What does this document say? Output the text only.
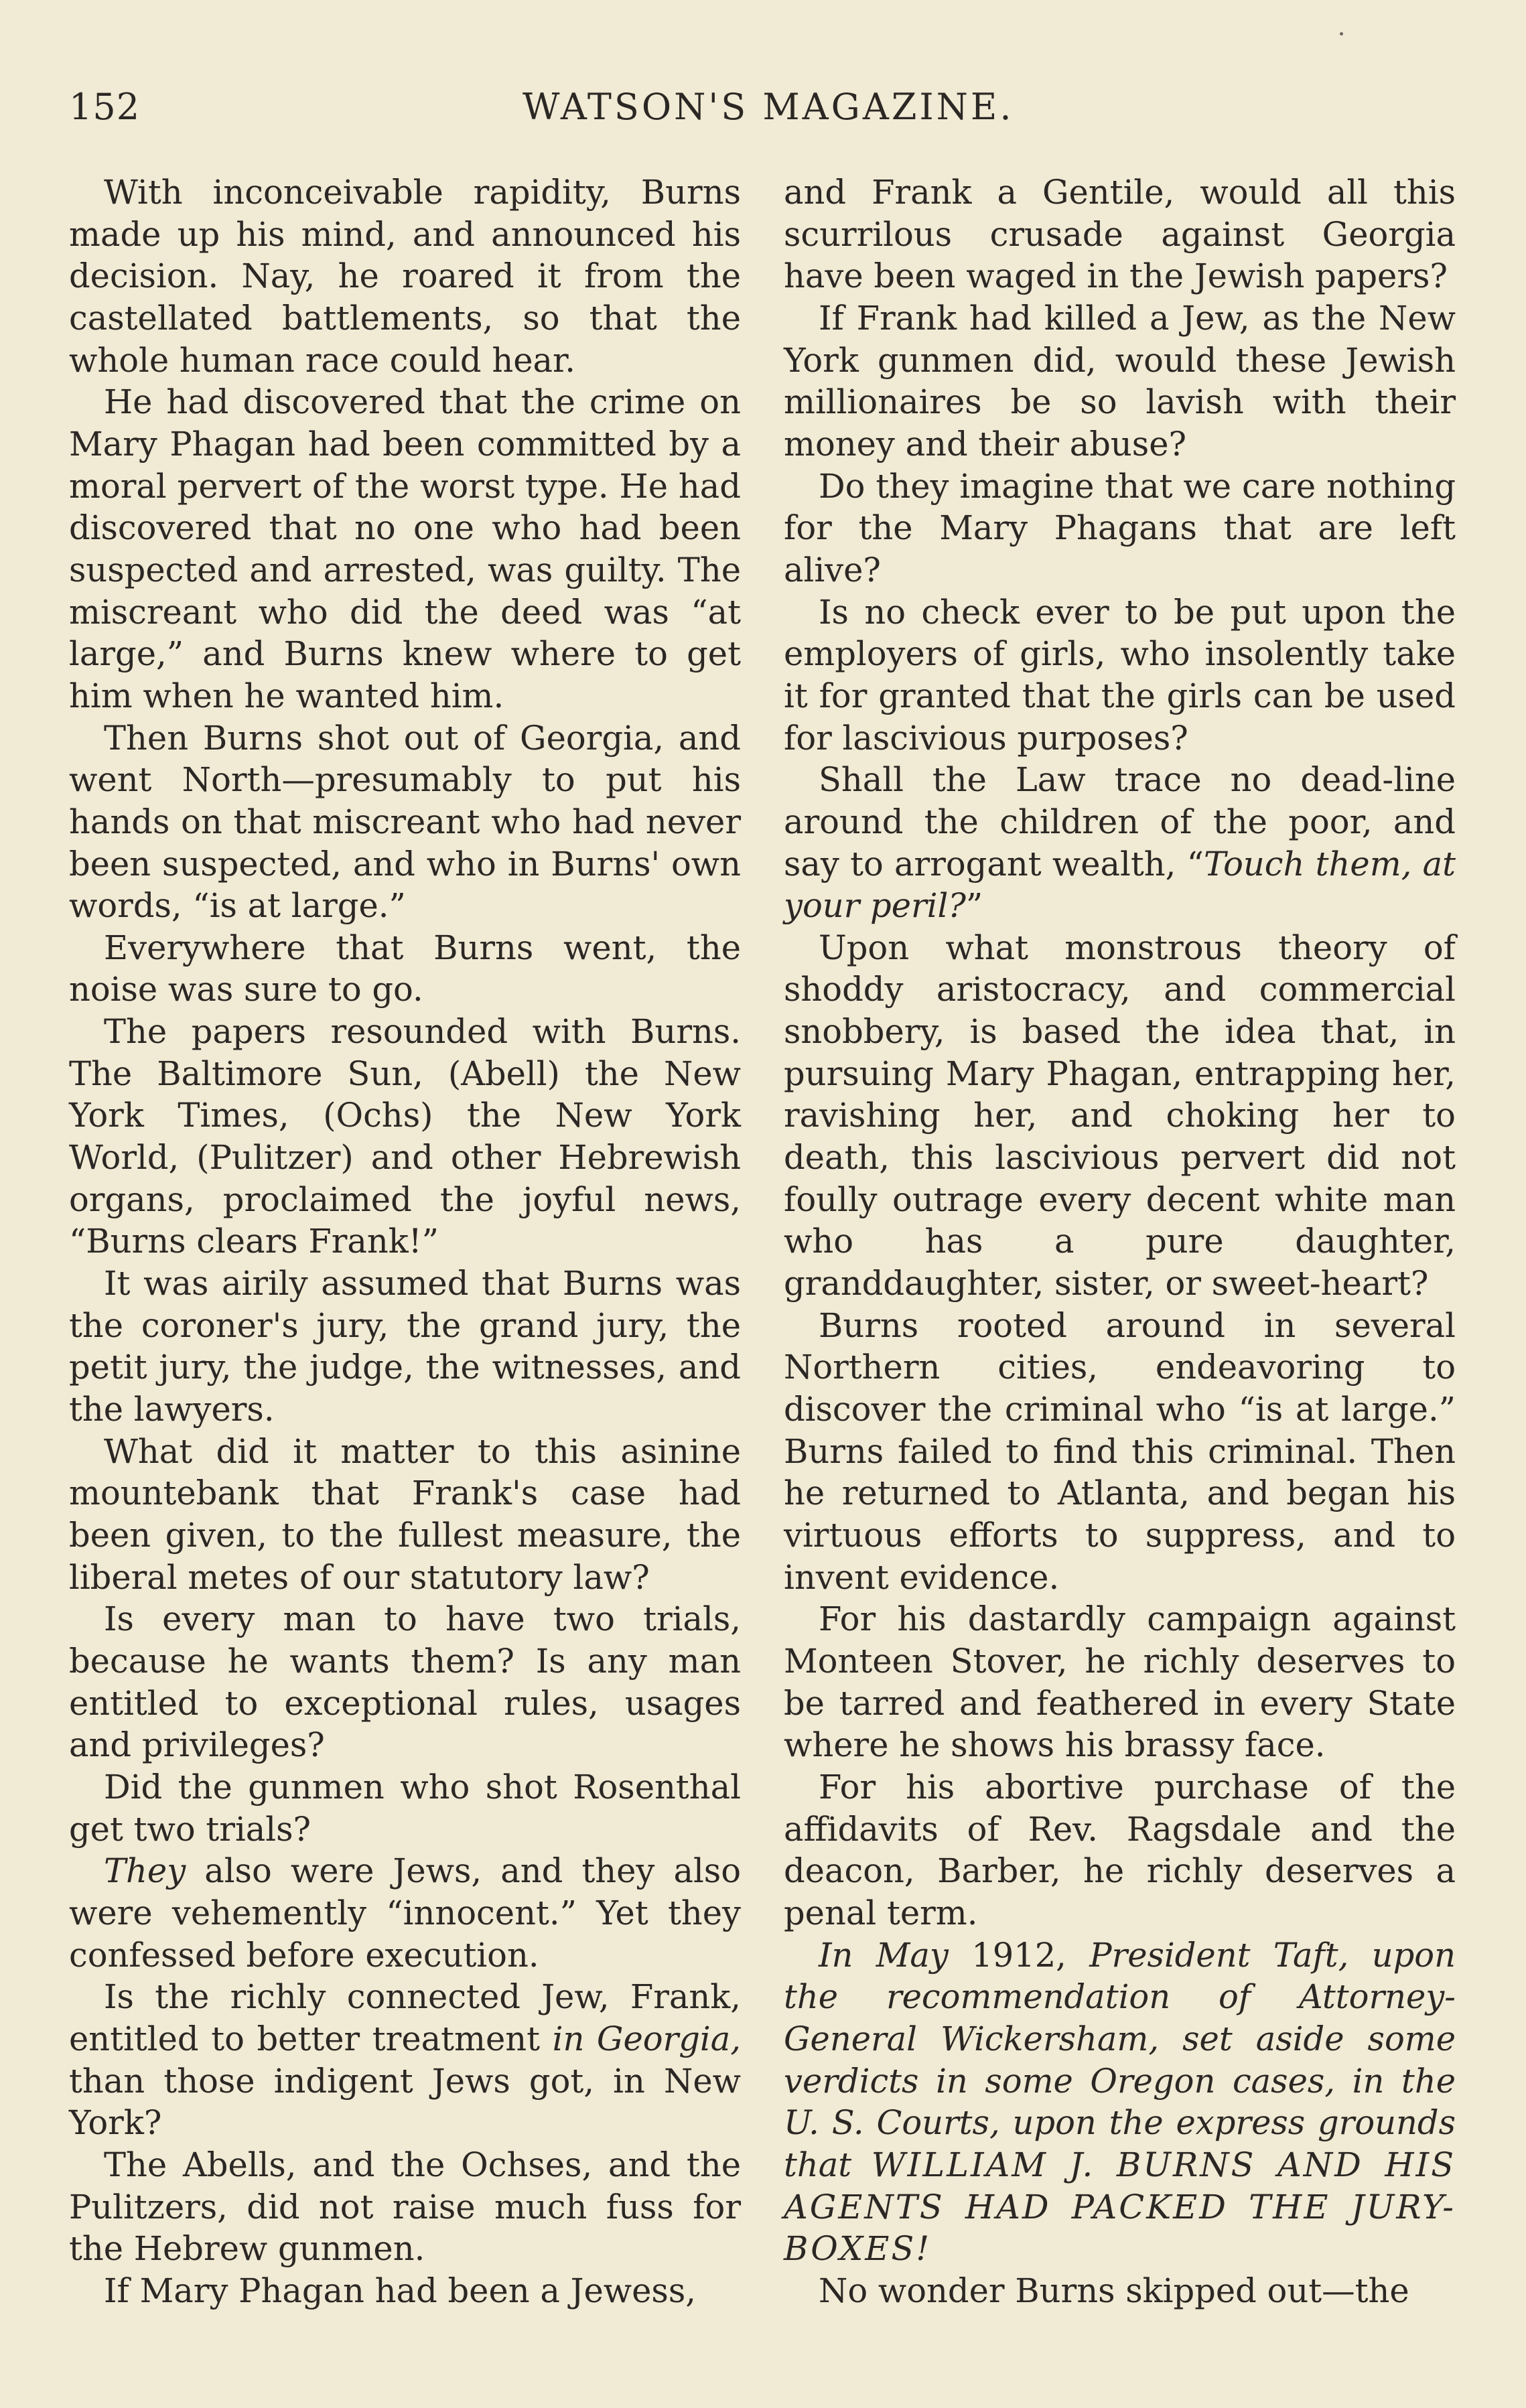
152	WATSON'S MAGAZINE.

With inconceivable rapidity, Burns made up his mind, and announced his decision. Nay, he roared it from the castellated battlements, so that the whole human race could hear.

He had discovered that the crime on Mary Phagan had been committed by a moral pervert of the worst type. He had discovered that no one who had been suspected and arrested, was guilty. The miscreant who did the deed was “at large,” and Burns knew where to get him when he wanted him.

Then Burns shot out of Georgia, and went North—presumably to put his hands on that miscreant who had never been suspected, and who in Burns' own words, “is at large.”

Everywhere that Burns went, the noise was sure to go.

The papers resounded with Burns. The Baltimore Sun, (Abell) the New York Times, (Ochs) the New York World, (Pulitzer) and other Hebrewish organs, proclaimed the joyful news, “Burns clears Frank!”

It was airily assumed that Burns was the coroner's jury, the grand jury, the petit jury, the judge, the witnesses, and the lawyers.

What did it matter to this asinine mountebank that Frank's case had been given, to the fullest measure, the liberal metes of our statutory law?

Is every man to have two trials, because he wants them? Is any man entitled to exceptional rules, usages and privileges?

Did the gunmen who shot Rosenthal get two trials?

They also were Jews, and they also were vehemently “innocent.” Yet they confessed before execution.

Is the richly connected Jew, Frank, entitled to better treatment in Georgia, than those indigent Jews got, in New York?

The Abells, and the Ochses, and the Pulitzers, did not raise much fuss for the Hebrew gunmen.

If Mary Phagan had been a Jewess,

and Frank a Gentile, would all this scurrilous crusade against Georgia have been waged in the Jewish papers?

If Frank had killed a Jew, as the New York gunmen did, would these Jewish millionaires be so lavish with their money and their abuse?

Do they imagine that we care nothing for the Mary Phagans that are left alive?

Is no check ever to be put upon the employers of girls, who insolently take it for granted that the girls can be used for lascivious purposes?

Shall the Law trace no dead-line around the children of the poor, and say to arrogant wealth, “Touch them, at your peril?”

Upon what monstrous theory of shoddy aristocracy, and commercial snobbery, is based the idea that, in pursuing Mary Phagan, entrapping her, ravishing her, and choking her to death, this lascivious pervert did not foully outrage every decent white man who has a pure daughter, granddaughter, sister, or sweet-heart?

Burns rooted around in several Northern cities, endeavoring to discover the criminal who “is at large.” Burns failed to find this criminal. Then he returned to Atlanta, and began his virtuous efforts to suppress, and to invent evidence.

For his dastardly campaign against Monteen Stover, he richly deserves to be tarred and feathered in every State where he shows his brassy face.

For his abortive purchase of the affidavits of Rev. Ragsdale and the deacon, Barber, he richly deserves a penal term.

In May 1912, President Taft, upon the recommendation of Attorney-General Wickersham, set aside some verdicts in some Oregon cases, in the U. S. Courts, upon the express grounds that WILLIAM J. BURNS AND HIS AGENTS HAD PACKED THE JURY-BOXES!

No wonder Burns skipped out—the
